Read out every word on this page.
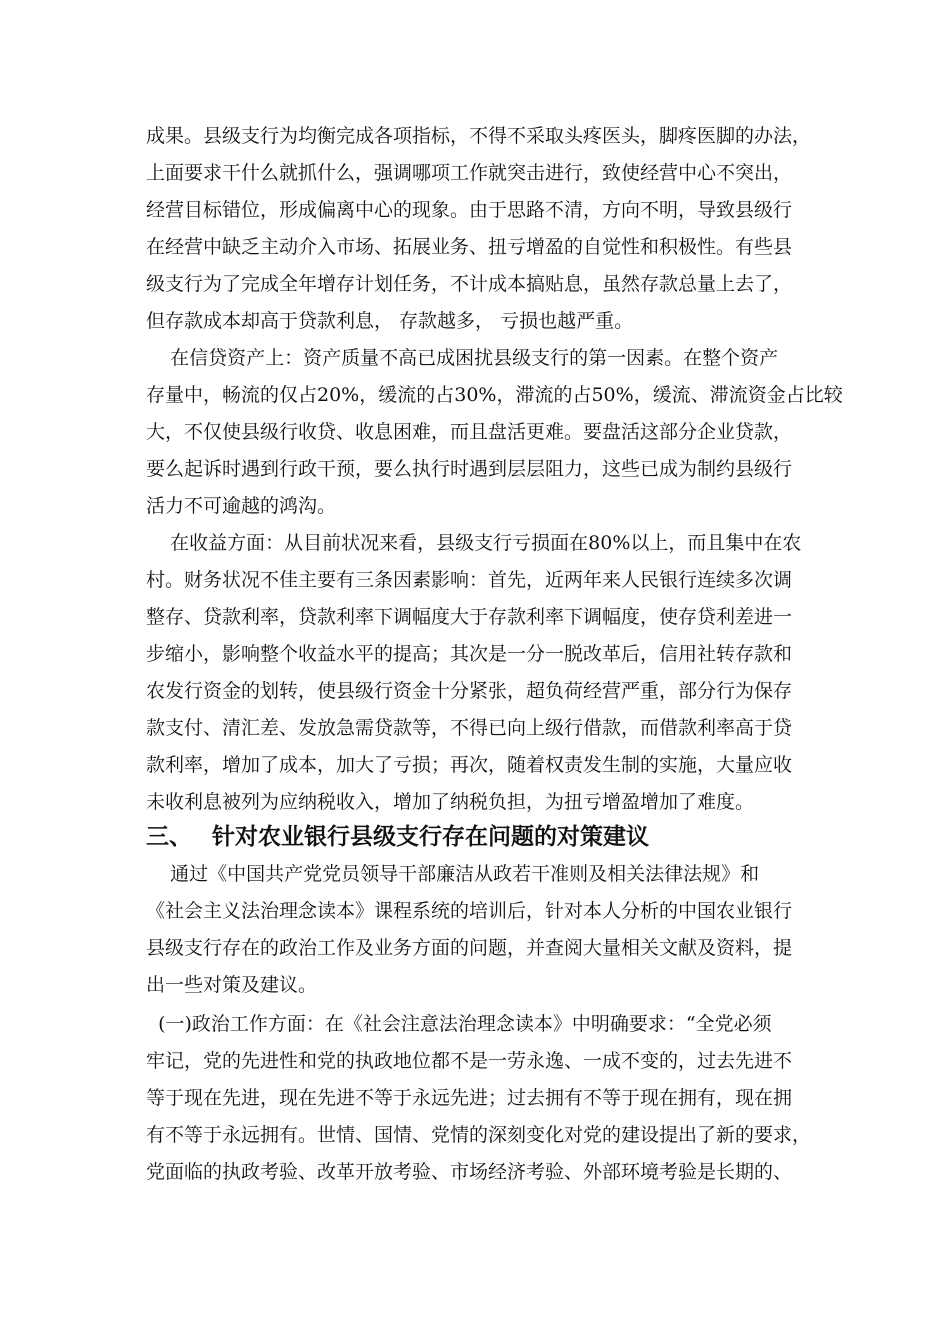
成果。县级支行为均衡完成各项指标，不得不采取头疼医头，脚疼医脚的办法，
上面要求干什么就抓什么，强调哪项工作就突击进行，致使经营中心不突出，
经营目标错位，形成偏离中心的现象。由于思路不清，方向不明，导致县级行
在经营中缺乏主动介入市场、拓展业务、扭亏增盈的自觉性和积极性。有些县
级支行为了完成全年增存计划任务，不计成本搞贴息，虽然存款总量上去了，
但存款成本却高于贷款利息， 存款越多， 亏损也越严重。
在信贷资产上：资产质量不高已成困扰县级支行的第一因素。在整个资产
存量中，畅流的仅占20%，缓流的占30%，滞流的占50%，缓流、滞流资金占比较
大，不仅使县级行收贷、收息困难，而且盘活更难。要盘活这部分企业贷款，
要么起诉时遇到行政干预，要么执行时遇到层层阻力，这些已成为制约县级行
活力不可逾越的鸿沟。
在收益方面：从目前状况来看，县级支行亏损面在80%以上，而且集中在农
村。财务状况不佳主要有三条因素影响：首先，近两年来人民银行连续多次调
整存、贷款利率，贷款利率下调幅度大于存款利率下调幅度，使存贷利差进一
步缩小，影响整个收益水平的提高；其次是一分一脱改革后，信用社转存款和
农发行资金的划转，使县级行资金十分紧张，超负荷经营严重，部分行为保存
款支付、清汇差、发放急需贷款等，不得已向上级行借款，而借款利率高于贷
款利率，增加了成本，加大了亏损；再次，随着权责发生制的实施，大量应收
未收利息被列为应纳税收入，增加了纳税负担，为扭亏增盈增加了难度。
三、 针对农业银行县级支行存在问题的对策建议
通过《中国共产党党员领导干部廉洁从政若干准则及相关法律法规》和
《社会主义法治理念读本》课程系统的培训后，针对本人分析的中国农业银行
县级支行存在的政治工作及业务方面的问题，并查阅大量相关文献及资料，提
出一些对策及建议。
(一)政治工作方面：在《社会注意法治理念读本》中明确要求：“全党必须
牢记，党的先进性和党的执政地位都不是一劳永逸、一成不变的，过去先进不
等于现在先进，现在先进不等于永远先进；过去拥有不等于现在拥有，现在拥
有不等于永远拥有。世情、国情、党情的深刻变化对党的建设提出了新的要求，
党面临的执政考验、改革开放考验、市场经济考验、外部环境考验是长期的、
